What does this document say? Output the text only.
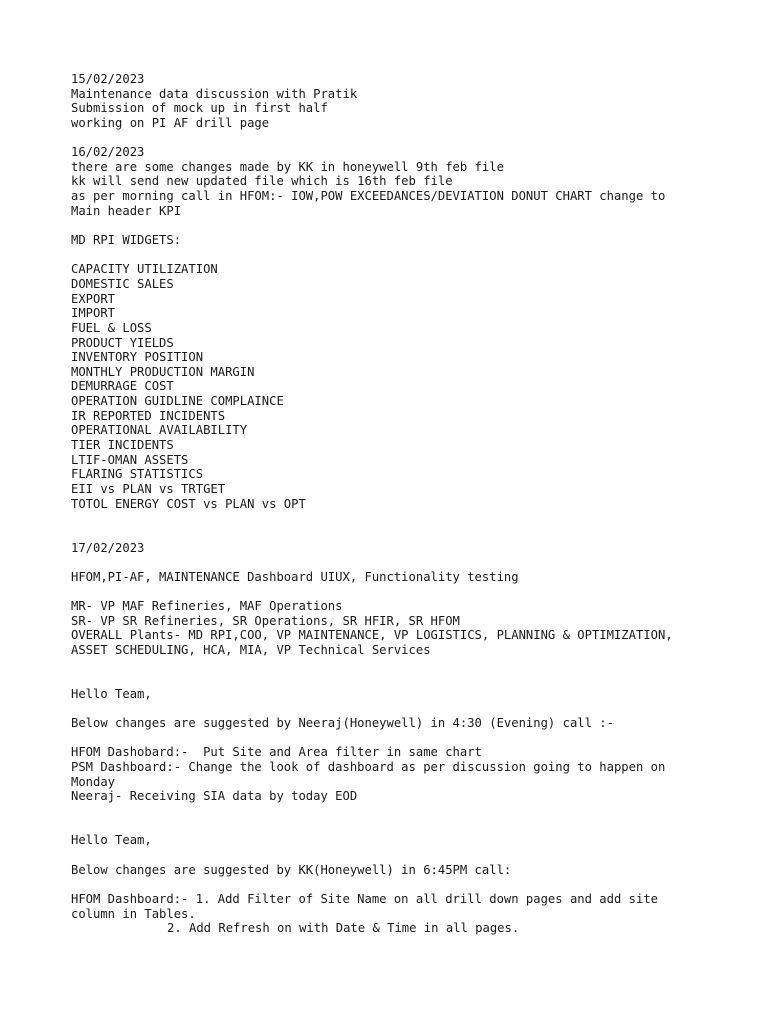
15/02/2023
Maintenance data discussion with Pratik
Submission of mock up in first half
working on PI AF drill page
16/02/2023
there are some changes made by KK in honeywell 9th feb file
kk will send new updated file which is 16th feb file
as per morning call in HFOM:- IOW,POW EXCEEDANCES/DEVIATION DONUT CHART change to
Main header KPI
MD RPI WIDGETS:
CAPACITY UTILIZATION
DOMESTIC SALES
EXPORT
IMPORT
FUEL & LOSS
PRODUCT YIELDS
INVENTORY POSITION
MONTHLY PRODUCTION MARGIN
DEMURRAGE COST
OPERATION GUIDLINE COMPLAINCE
IR REPORTED INCIDENTS
OPERATIONAL AVAILABILITY
TIER INCIDENTS
LTIF-OMAN ASSETS
FLARING STATISTICS
EII vs PLAN vs TRTGET
TOTOL ENERGY COST vs PLAN vs OPT
17/02/2023
HFOM,PI-AF, MAINTENANCE Dashboard UIUX, Functionality testing
MR- VP MAF Refineries, MAF Operations
SR- VP SR Refineries, SR Operations, SR HFIR, SR HFOM
OVERALL Plants- MD RPI,COO, VP MAINTENANCE, VP LOGISTICS, PLANNING & OPTIMIZATION,
ASSET SCHEDULING, HCA, MIA, VP Technical Services
Hello Team,
Below changes are suggested by Neeraj(Honeywell) in 4:30 (Evening) call :-
HFOM Dashobard:-  Put Site and Area filter in same chart
PSM Dashboard:- Change the look of dashboard as per discussion going to happen on
Monday
Neeraj- Receiving SIA data by today EOD
Hello Team,
Below changes are suggested by KK(Honeywell) in 6:45PM call:
HFOM Dashboard:- 1. Add Filter of Site Name on all drill down pages and add site
column in Tables.
2. Add Refresh on with Date & Time in all pages.
